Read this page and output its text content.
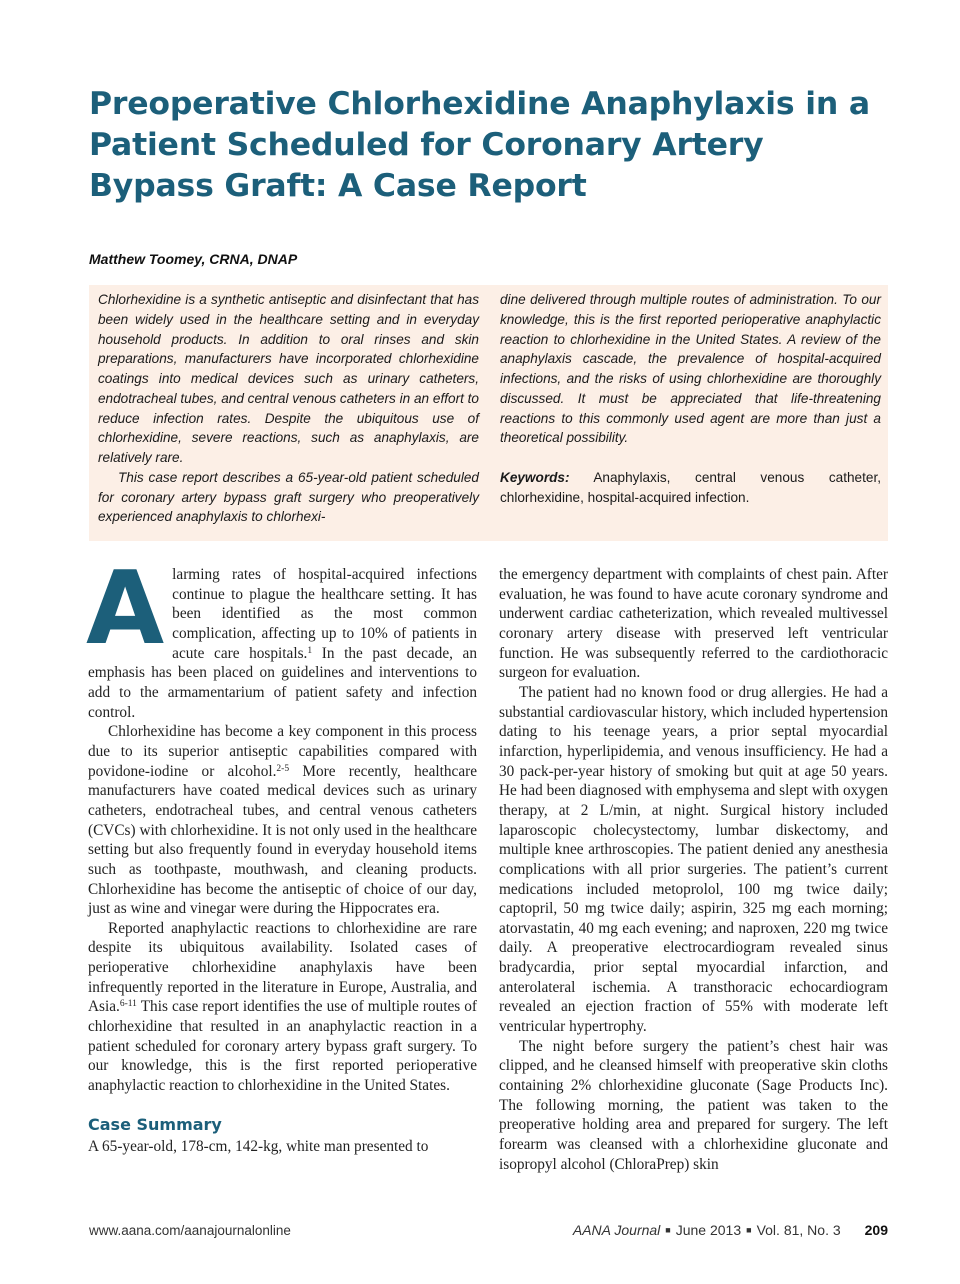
Preoperative Chlorhexidine Anaphylaxis in a Patient Scheduled for Coronary Artery Bypass Graft: A Case Report

Matthew Toomey, CRNA, DNAP

Chlorhexidine is a synthetic antiseptic and disinfectant that has been widely used in the healthcare setting and in everyday household products. In addition to oral rinses and skin preparations, manufacturers have incorporated chlorhexidine coatings into medical devices such as urinary catheters, endotracheal tubes, and central venous catheters in an effort to reduce infection rates. Despite the ubiquitous use of chlorhexidine, severe reactions, such as anaphylaxis, are relatively rare.

This case report describes a 65-year-old patient scheduled for coronary artery bypass graft surgery who preoperatively experienced anaphylaxis to chlorhexi-

dine delivered through multiple routes of administration. To our knowledge, this is the first reported perioperative anaphylactic reaction to chlorhexidine in the United States. A review of the anaphylaxis cascade, the prevalence of hospital-acquired infections, and the risks of using chlorhexidine are thoroughly discussed. It must be appreciated that life-threatening reactions to this commonly used agent are more than just a theoretical possibility.

Keywords: Anaphylaxis, central venous catheter, chlorhexidine, hospital-acquired infection.

Alarming rates of hospital-acquired infections continue to plague the healthcare setting. It has been identified as the most common complication, affecting up to 10% of patients in acute care hospitals.$^1$ In the past decade, an emphasis has been placed on guidelines and interventions to add to the armamentarium of patient safety and infection control.

Chlorhexidine has become a key component in this process due to its superior antiseptic capabilities compared with povidone-iodine or alcohol.$^{2-5}$ More recently, healthcare manufacturers have coated medical devices such as urinary catheters, endotracheal tubes, and central venous catheters (CVCs) with chlorhexidine. It is not only used in the healthcare setting but also frequently found in everyday household items such as toothpaste, mouthwash, and cleaning products. Chlorhexidine has become the antiseptic of choice of our day, just as wine and vinegar were during the Hippocrates era.

Reported anaphylactic reactions to chlorhexidine are rare despite its ubiquitous availability. Isolated cases of perioperative chlorhexidine anaphylaxis have been infrequently reported in the literature in Europe, Australia, and Asia.$^{6-11}$ This case report identifies the use of multiple routes of chlorhexidine that resulted in an anaphylactic reaction in a patient scheduled for coronary artery bypass graft surgery. To our knowledge, this is the first reported perioperative anaphylactic reaction to chlorhexidine in the United States.

Case Summary

A 65-year-old, 178-cm, 142-kg, white man presented to

the emergency department with complaints of chest pain. After evaluation, he was found to have acute coronary syndrome and underwent cardiac catheterization, which revealed multivessel coronary artery disease with preserved left ventricular function. He was subsequently referred to the cardiothoracic surgeon for evaluation.

The patient had no known food or drug allergies. He had a substantial cardiovascular history, which included hypertension dating to his teenage years, a prior septal myocardial infarction, hyperlipidemia, and venous insufficiency. He had a 30 pack-per-year history of smoking but quit at age 50 years. He had been diagnosed with emphysema and slept with oxygen therapy, at 2 L/min, at night. Surgical history included laparoscopic cholecystectomy, lumbar diskectomy, and multiple knee arthroscopies. The patient denied any anesthesia complications with all prior surgeries. The patient’s current medications included metoprolol, 100 mg twice daily; captopril, 50 mg twice daily; aspirin, 325 mg each morning; atorvastatin, 40 mg each evening; and naproxen, 220 mg twice daily. A preoperative electrocardiogram revealed sinus bradycardia, prior septal myocardial infarction, and anterolateral ischemia. A transthoracic echocardiogram revealed an ejection fraction of 55% with moderate left ventricular hypertrophy.

The night before surgery the patient’s chest hair was clipped, and he cleansed himself with preoperative skin cloths containing 2% chlorhexidine gluconate (Sage Products Inc). The following morning, the patient was taken to the preoperative holding area and prepared for surgery. The left forearm was cleansed with a chlorhexidine gluconate and isopropyl alcohol (ChloraPrep) skin

www.aana.com/aanajournalonline	AANA Journal ■ June 2013 ■ Vol. 81, No. 3 209
